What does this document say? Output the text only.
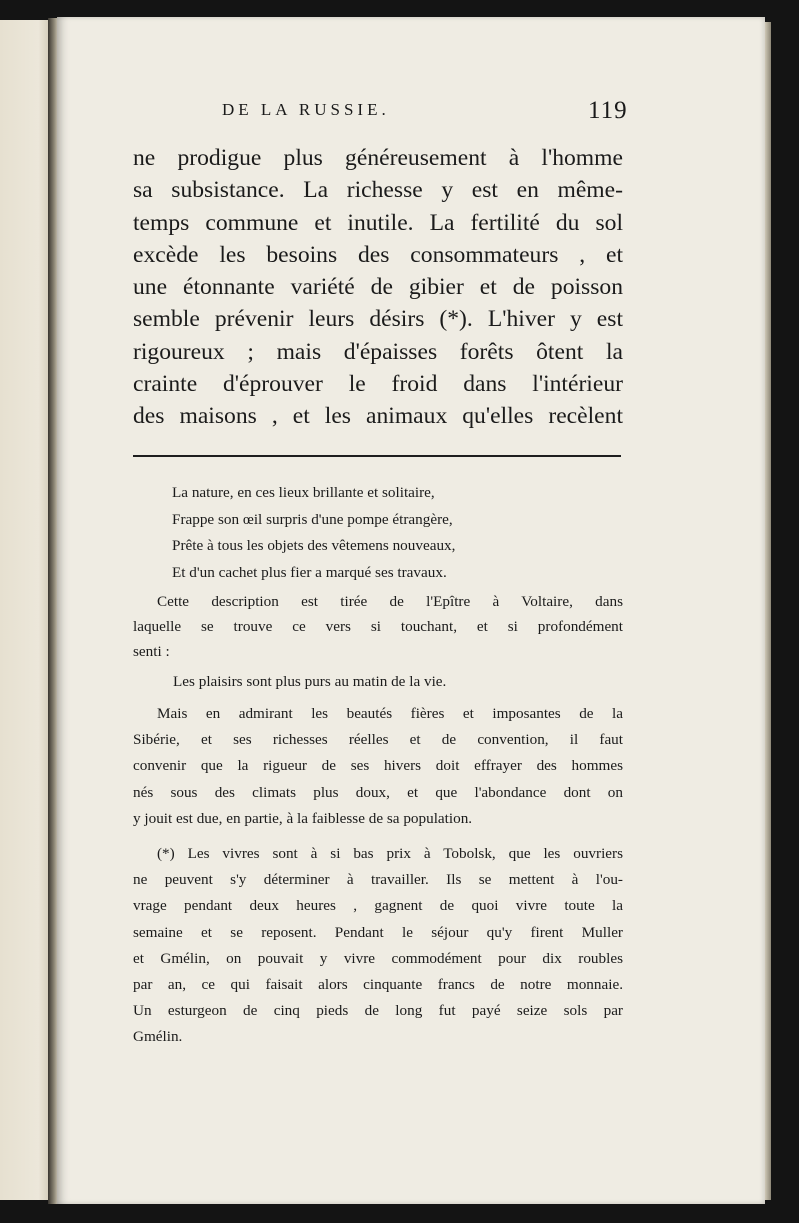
DE LA RUSSIE.	119
ne prodigue plus généreusement à l'homme
sa subsistance. La richesse y est en même-
temps commune et inutile. La fertilité du sol
excède les besoins des consommateurs , et
une étonnante variété de gibier et de poisson
semble prévenir leurs désirs (*). L'hiver y est
rigoureux ; mais d'épaisses forêts ôtent la
crainte d'éprouver le froid dans l'intérieur
des maisons , et les animaux qu'elles recèlent
La nature, en ces lieux brillante et solitaire,
Frappe son œil surpris d'une pompe étrangère,
Prête à tous les objets des vêtemens nouveaux,
Et d'un cachet plus fier a marqué ses travaux.
Cette description est tirée de l'Epître à Voltaire, dans
laquelle se trouve ce vers si touchant, et si profondément
senti :
Les plaisirs sont plus purs au matin de la vie.
Mais en admirant les beautés fières et imposantes de la
Sibérie, et ses richesses réelles et de convention, il faut
convenir que la rigueur de ses hivers doit effrayer des hommes
nés sous des climats plus doux, et que l'abondance dont on
y jouit est due, en partie, à la faiblesse de sa population.
(*) Les vivres sont à si bas prix à Tobolsk, que les ouvriers
ne peuvent s'y déterminer à travailler. Ils se mettent à l'ou-
vrage pendant deux heures , gagnent de quoi vivre toute la
semaine et se reposent. Pendant le séjour qu'y firent Muller
et Gmélin, on pouvait y vivre commodément pour dix roubles
par an, ce qui faisait alors cinquante francs de notre monnaie.
Un esturgeon de cinq pieds de long fut payé seize sols par
Gmélin.
